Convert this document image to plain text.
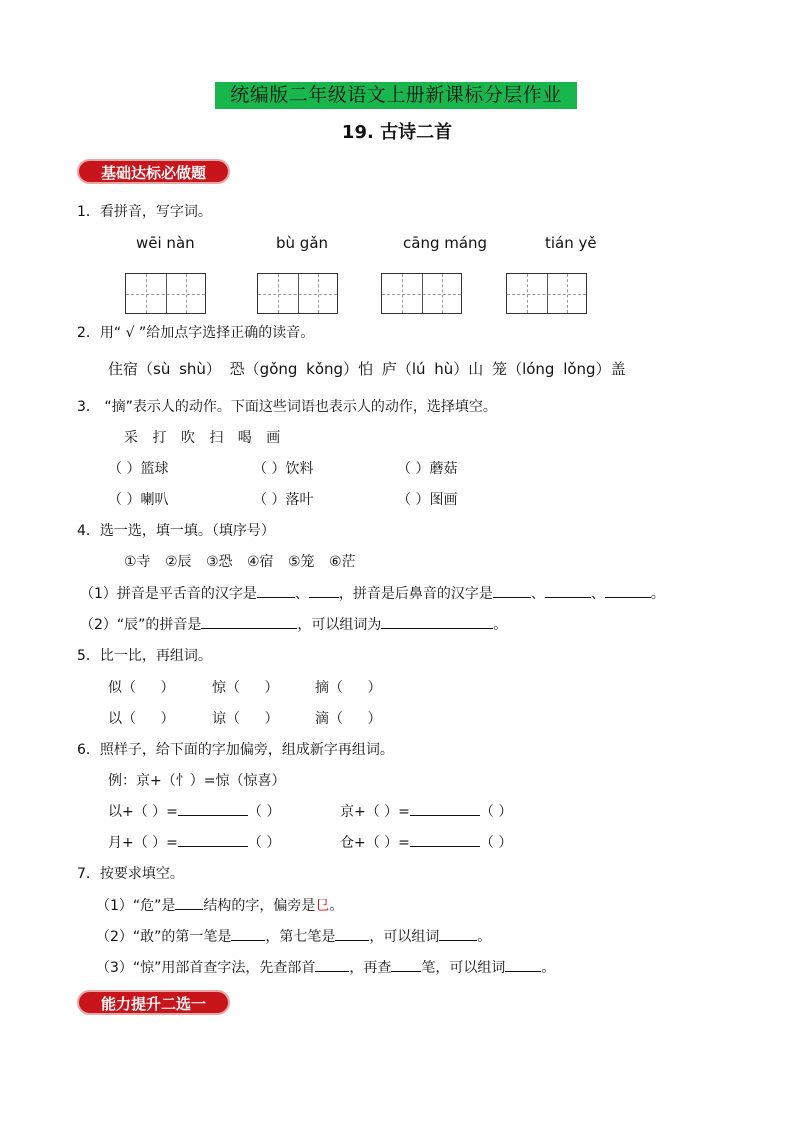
统编版二年级语文上册新课标分层作业
19. 古诗二首
基础达标必做题
1．看拼音，写字词。
wēi nàn	bù gǎn	cāng máng	tián yě
2．用“ √ ”给加点字选择正确的读音。
住宿（sù shù） 恐（gǒng kǒng）怕 庐（lú hù）山 笼（lóng lǒng）盖
3． “摘”表示人的动作。下面这些词语也表示人的动作，选择填空。
采 打 吹 扫 喝 画
（ ）篮球	（ ）饮料	（ ）蘑菇
（ ）喇叭	（ ）落叶	（ ）图画
4．选一选，填一填。（填序号）
①寺 ②辰 ③恐 ④宿 ⑤笼 ⑥茫
（1）拼音是平舌音的汉字是	、 ，拼音是后鼻音的汉字是	、	、	。
（2）“辰”的拼音是	，可以组词为	。
5．比一比，再组词。
似（ ）	惊（ ）	摘（ ）
以（ ）	谅（ ）	滴（ ）
6．照样子，给下面的字加偏旁，组成新字再组词。
例：京+（忄）=惊（惊喜）
以+（ ）=	（ ）	京+（ ）=	（ ）
月+（ ）=	（ ）	仓+（ ）=	（ ）
7．按要求填空。
（1）“危”是 结构的字，偏旁是㔾。
（2）“敢”的第一笔是 ，第七笔是 ，可以组词	。
（3）“惊”用部首查字法，先查部首 ，再查 笔，可以组词	。
能力提升二选一
